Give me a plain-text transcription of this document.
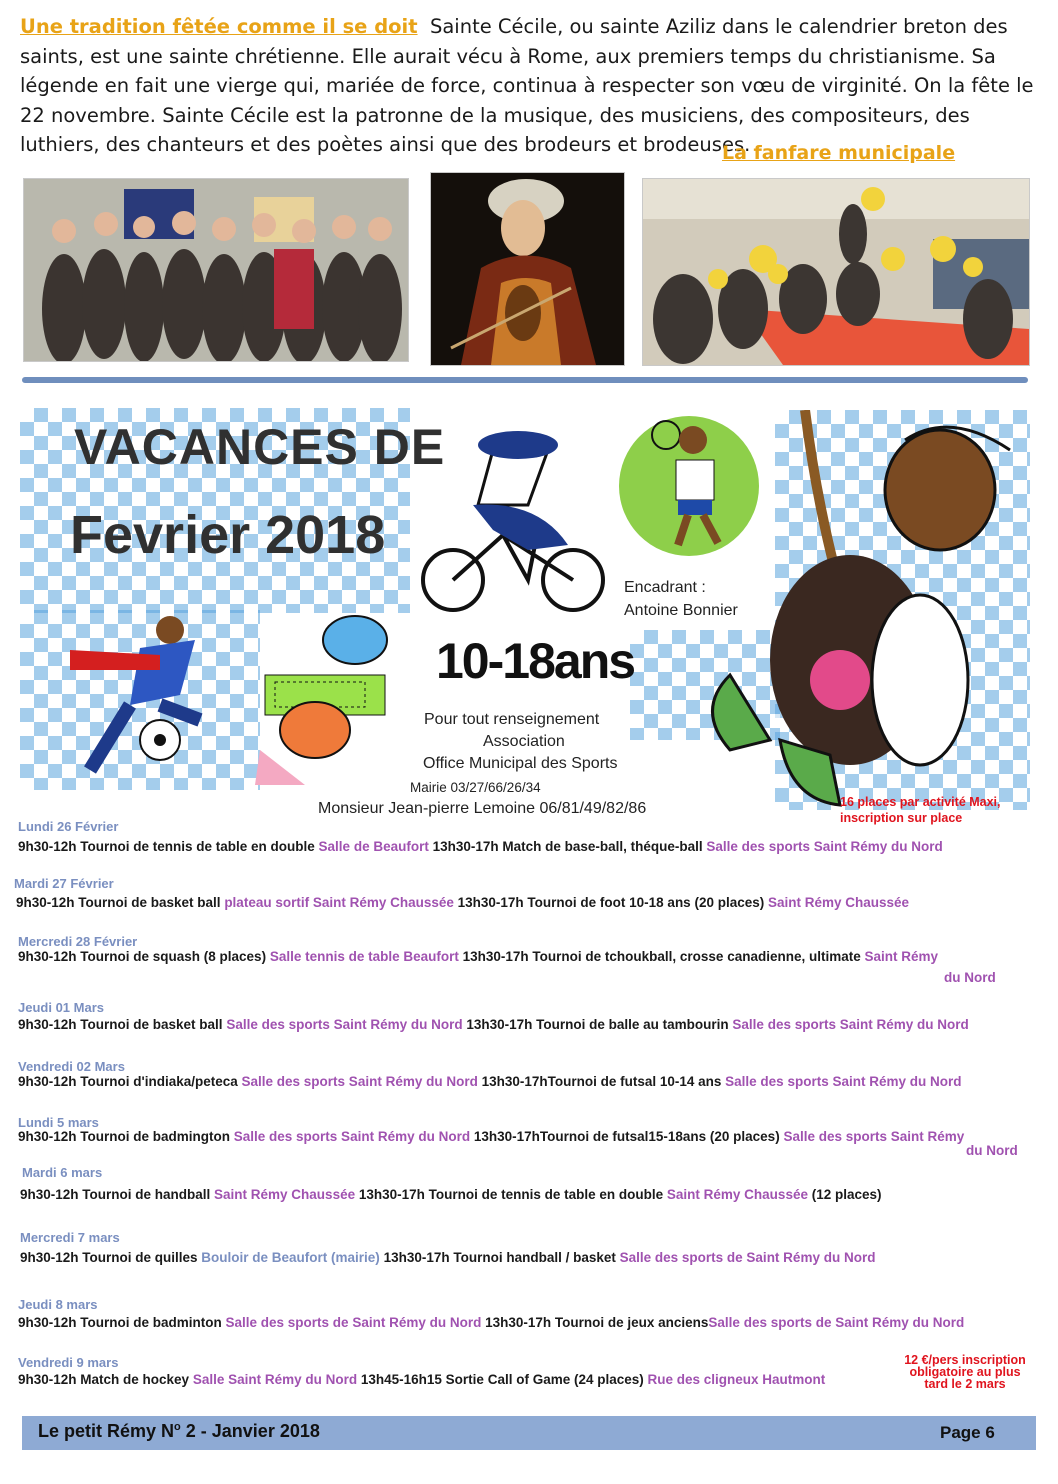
Une tradition fêtée comme il se doit Sainte Cécile, ou sainte Aziliz dans le calendrier breton des saints, est une sainte chrétienne. Elle aurait vécu à Rome, aux premiers temps du christianisme. Sa légende en fait une vierge qui, mariée de force, continua à respecter son vœu de virginité. On la fête le 22 novembre. Sainte Cécile est la patronne de la musique, des musiciens, des compositeurs, des luthiers, des chanteurs et des poètes ainsi que des brodeurs et brodeuses.
La fanfare municipale
VACANCES DE
Fevrier 2018
Encadrant :
Antoine Bonnier
10-18ans
Pour tout renseignement
Association
Office Municipal des Sports
Mairie 03/27/66/26/34
Monsieur Jean-pierre Lemoine 06/81/49/82/86	16 places par activité Maxi,
inscription sur place
Lundi 26 Février
9h30-12h Tournoi de tennis de table en double Salle de Beaufort 13h30-17h Match de base-ball, théque-ball Salle des sports Saint Rémy du Nord
Mardi 27 Février
9h30-12h Tournoi de basket ball plateau sortif Saint Rémy Chaussée 13h30-17h Tournoi de foot 10-18 ans (20 places) Saint Rémy Chaussée
Mercredi 28 Février
9h30-12h Tournoi de squash (8 places) Salle tennis de table Beaufort 13h30-17h Tournoi de tchoukball, crosse canadienne, ultimate Saint Rémy
du Nord
Jeudi 01 Mars
9h30-12h Tournoi de basket ball Salle des sports Saint Rémy du Nord 13h30-17h Tournoi de balle au tambourin Salle des sports Saint Rémy du Nord
Vendredi 02 Mars
9h30-12h Tournoi d'indiaka/peteca Salle des sports Saint Rémy du Nord 13h30-17hTournoi de futsal 10-14 ans Salle des sports Saint Rémy du Nord
Lundi 5 mars
9h30-12h Tournoi de badmington Salle des sports Saint Rémy du Nord 13h30-17hTournoi de futsal15-18ans (20 places) Salle des sports Saint Rémy
du Nord
Mardi 6 mars
9h30-12h Tournoi de handball Saint Rémy Chaussée 13h30-17h Tournoi de tennis de table en double Saint Rémy Chaussée (12 places)
Mercredi 7 mars
9h30-12h Tournoi de quilles Bouloir de Beaufort (mairie) 13h30-17h Tournoi handball / basket Salle des sports de Saint Rémy du Nord
Jeudi 8 mars
9h30-12h Tournoi de badminton Salle des sports de Saint Rémy du Nord 13h30-17h Tournoi de jeux anciensSalle des sports de Saint Rémy du Nord
Vendredi 9 mars
9h30-12h Match de hockey Salle Saint Rémy du Nord 13h45-16h15 Sortie Call of Game (24 places) Rue des cligneux Hautmont
12 €/pers inscription
obligatoire au plus
tard le 2 mars
Le petit Rémy $N^o$ 2 - Janvier 2018	Page 6
